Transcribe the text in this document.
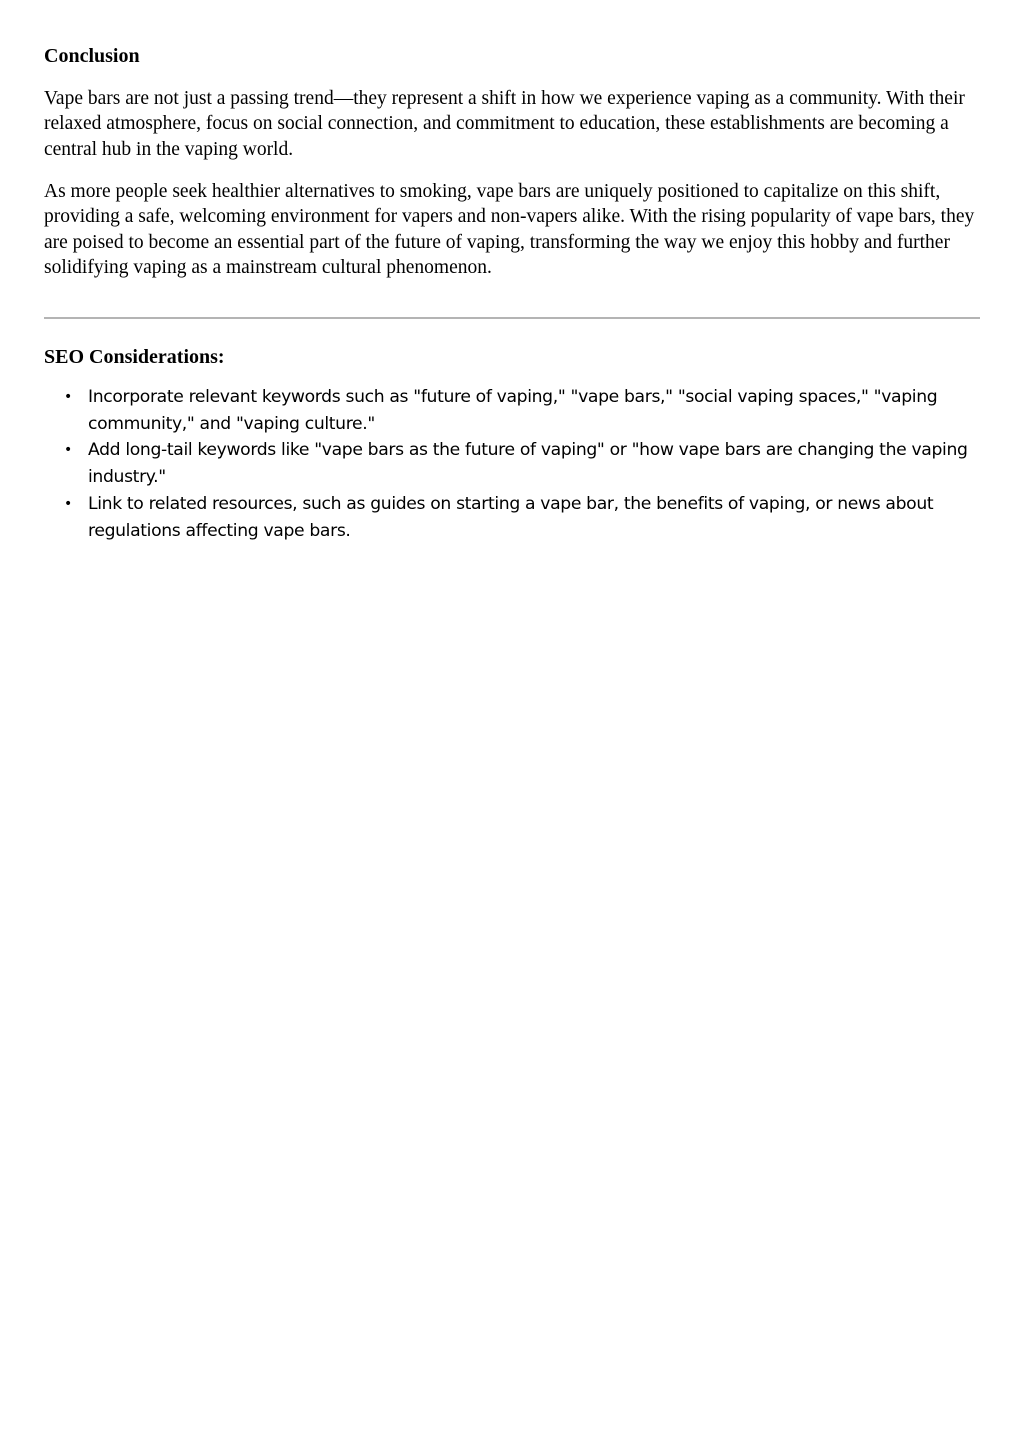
Conclusion

Vape bars are not just a passing trend—they represent a shift in how we experience vaping as a community. With their relaxed atmosphere, focus on social connection, and commitment to education, these establishments are becoming a central hub in the vaping world.

As more people seek healthier alternatives to smoking, vape bars are uniquely positioned to capitalize on this shift, providing a safe, welcoming environment for vapers and non-vapers alike. With the rising popularity of vape bars, they are poised to become an essential part of the future of vaping, transforming the way we enjoy this hobby and further solidifying vaping as a mainstream cultural phenomenon.

SEO Considerations:
• Incorporate relevant keywords such as "future of vaping," "vape bars," "social vaping spaces," "vaping community," and "vaping culture."
• Add long-tail keywords like "vape bars as the future of vaping" or "how vape bars are changing the vaping industry."
• Link to related resources, such as guides on starting a vape bar, the benefits of vaping, or news about regulations affecting vape bars.
